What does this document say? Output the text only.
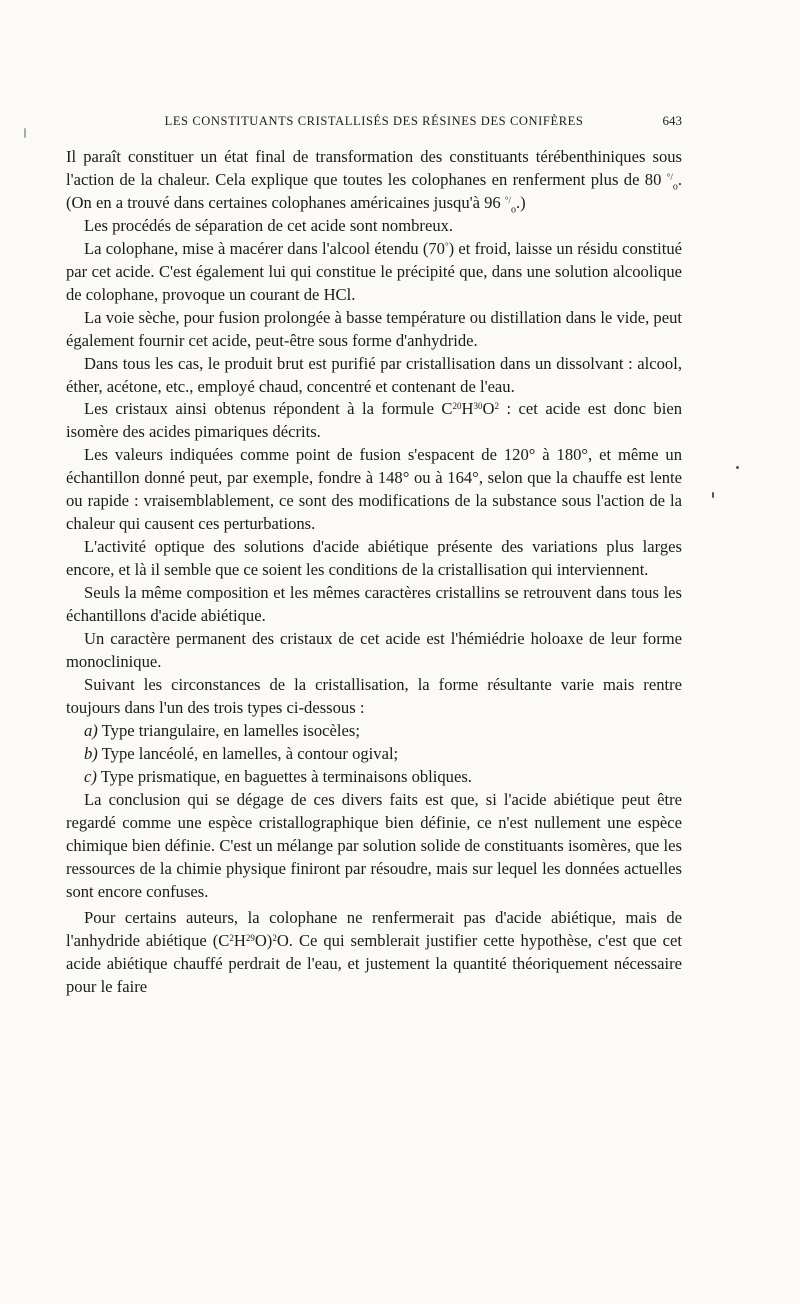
LES CONSTITUANTS CRISTALLISÉS DES RÉSINES DES CONIFÈRES	643

Il paraît constituer un état final de transformation des constituants térébenthiniques sous l'action de la chaleur. Cela explique que toutes les colophanes en renferment plus de 80 °/$_o$. (On en a trouvé dans certaines colophanes américaines jusqu'à 96 °/$_o$.)

Les procédés de séparation de cet acide sont nombreux.

La colophane, mise à macérer dans l'alcool étendu (70°) et froid, laisse un résidu constitué par cet acide. C'est également lui qui constitue le précipité que, dans une solution alcoolique de colophane, provoque un courant de HCl.

La voie sèche, pour fusion prolongée à basse température ou distillation dans le vide, peut également fournir cet acide, peut-être sous forme d'anhydride.

Dans tous les cas, le produit brut est purifié par cristallisation dans un dissolvant : alcool, éther, acétone, etc., employé chaud, concentré et contenant de l'eau.

Les cristaux ainsi obtenus répondent à la formule $C^{20}H^{30}O^2$ : cet acide est donc bien isomère des acides pimariques décrits.

Les valeurs indiquées comme point de fusion s'espacent de 120° à 180°, et même un échantillon donné peut, par exemple, fondre à 148° ou à 164°, selon que la chauffe est lente ou rapide : vraisemblablement, ce sont des modifications de la substance sous l'action de la chaleur qui causent ces perturbations.

L'activité optique des solutions d'acide abiétique présente des variations plus larges encore, et là il semble que ce soient les conditions de la cristallisation qui interviennent.

Seuls la même composition et les mêmes caractères cristallins se retrouvent dans tous les échantillons d'acide abiétique.

Un caractère permanent des cristaux de cet acide est l'hémiédrie holoaxe de leur forme monoclinique.

Suivant les circonstances de la cristallisation, la forme résultante varie mais rentre toujours dans l'un des trois types ci-dessous :

a) Type triangulaire, en lamelles isocèles;

b) Type lancéolé, en lamelles, à contour ogival;

c) Type prismatique, en baguettes à terminaisons obliques.

La conclusion qui se dégage de ces divers faits est que, si l'acide abiétique peut être regardé comme une espèce cristallographique bien définie, ce n'est nullement une espèce chimique bien définie. C'est un mélange par solution solide de constituants isomères, que les ressources de la chimie physique finiront par résoudre, mais sur lequel les données actuelles sont encore confuses.

Pour certains auteurs, la colophane ne renfermerait pas d'acide abiétique, mais de l'anhydride abiétique $(C^2H^{29}O)^2O$. Ce qui semblerait justifier cette hypothèse, c'est que cet acide abiétique chauffé perdrait de l'eau, et justement la quantité théoriquement nécessaire pour le faire
